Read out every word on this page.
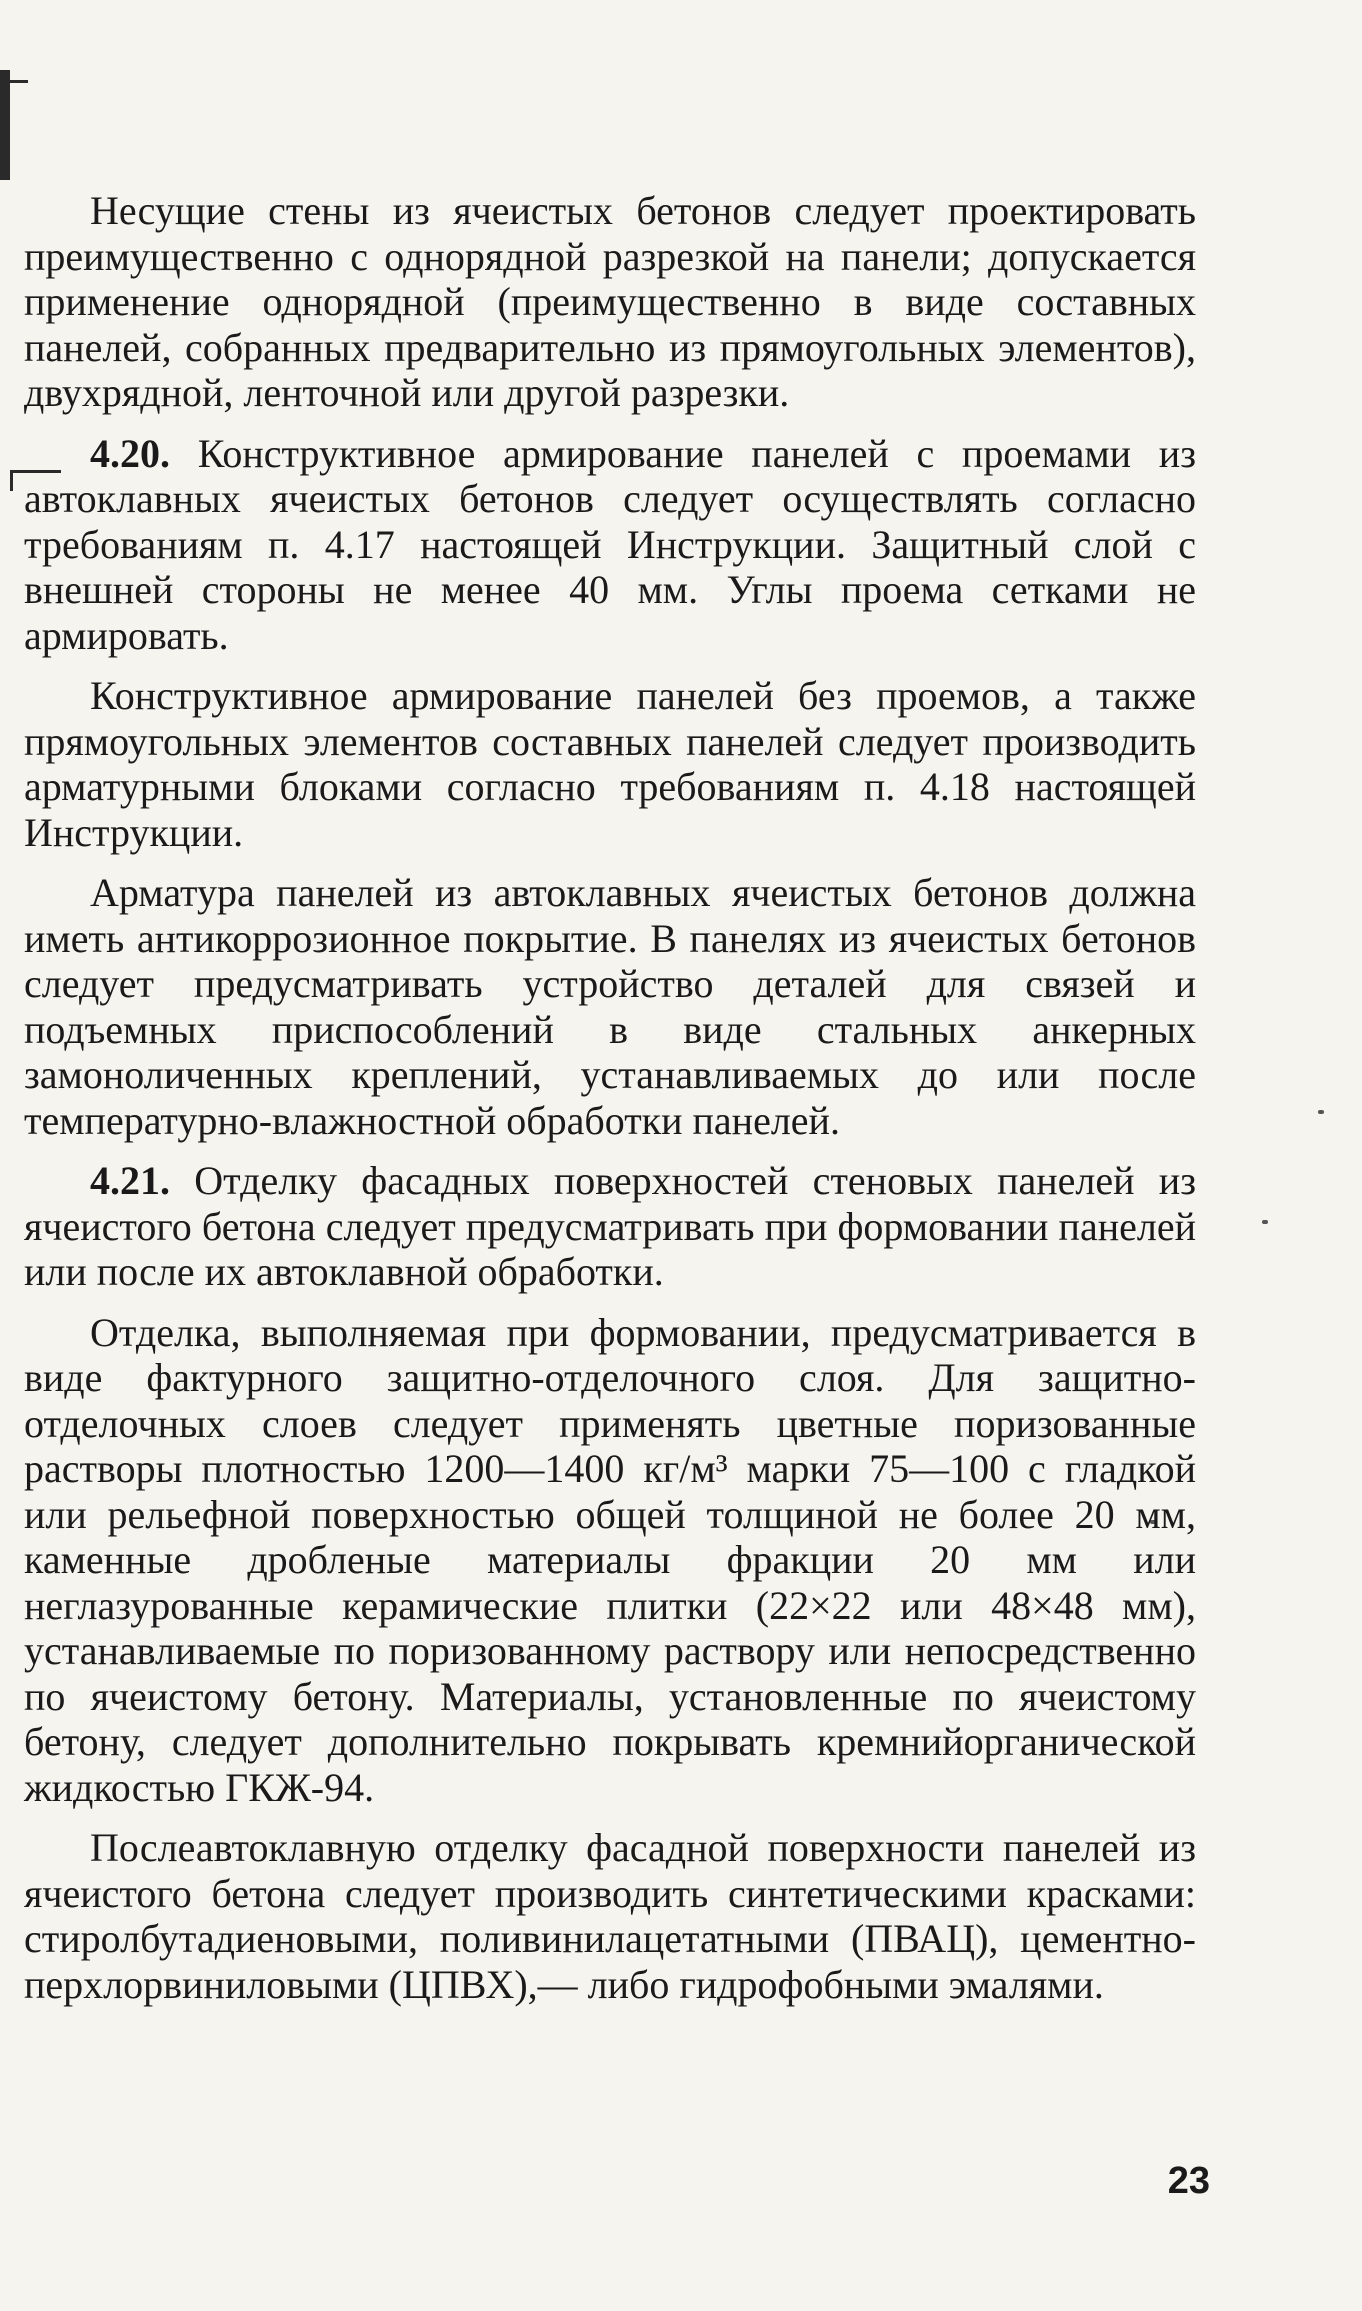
Несущие стены из ячеистых бетонов следует проектировать преимущественно с однорядной разрезкой на панели; допускается применение однорядной (преимущественно в виде составных панелей, собранных предварительно из прямоугольных элементов), двухрядной, ленточной или другой разрезки.

4.20. Конструктивное армирование панелей с проемами из автоклавных ячеистых бетонов следует осуществлять согласно требованиям п. 4.17 настоящей Инструкции. Защитный слой с внешней стороны не менее 40 мм. Углы проема сетками не армировать.

Конструктивное армирование панелей без проемов, а также прямоугольных элементов составных панелей следует производить арматурными блоками согласно требованиям п. 4.18 настоящей Инструкции.

Арматура панелей из автоклавных ячеистых бетонов должна иметь антикоррозионное покрытие. В панелях из ячеистых бетонов следует предусматривать устройство деталей для связей и подъемных приспособлений в виде стальных анкерных замоноличенных креплений, устанавливаемых до или после температурно-влажностной обработки панелей.

4.21. Отделку фасадных поверхностей стеновых панелей из ячеистого бетона следует предусматривать при формовании панелей или после их автоклавной обработки.

Отделка, выполняемая при формовании, предусматривается в виде фактурного защитно-отделочного слоя. Для защитно-отделочных слоев следует применять цветные поризованные растворы плотностью 1200—1400 кг/м³ марки 75—100 с гладкой или рельефной поверхностью общей толщиной не более 20 мм, каменные дробленые материалы фракции 20 мм или неглазурованные керамические плитки (22×22 или 48×48 мм), устанавливаемые по поризованному раствору или непосредственно по ячеистому бетону. Материалы, установленные по ячеистому бетону, следует дополнительно покрывать кремнийорганической жидкостью ГКЖ-94.

Послеавтоклавную отделку фасадной поверхности панелей из ячеистого бетона следует производить синтетическими красками: стиролбутадиеновыми, поливинилацетатными (ПВАЦ), цементно-перхлорвиниловыми (ЦПВХ),— либо гидрофобными эмалями.

23
